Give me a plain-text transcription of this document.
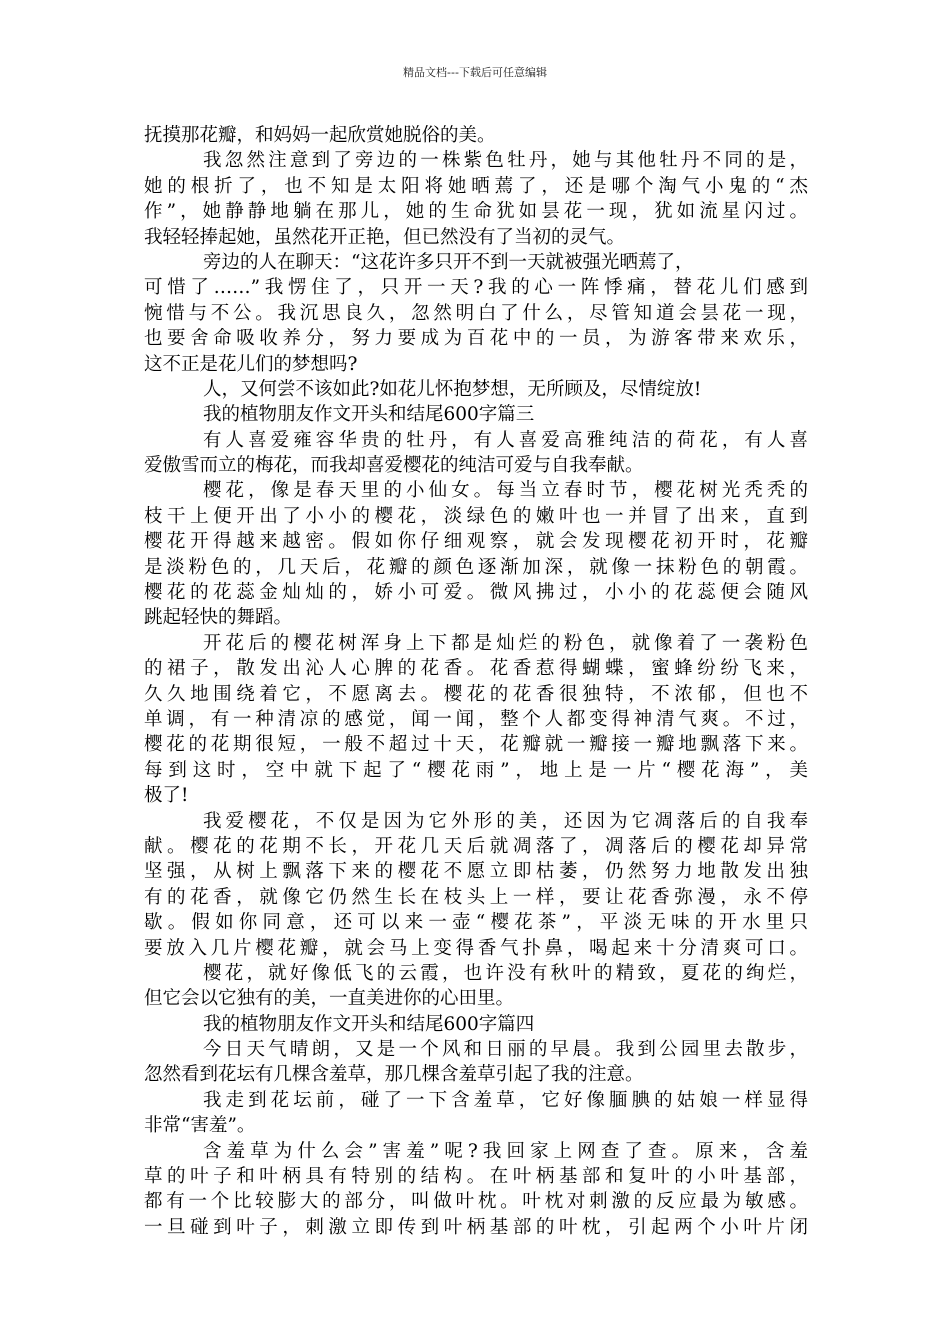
精品文档---下载后可任意编辑
抚摸那花瓣，和妈妈一起欣赏她脱俗的美。
我忽然注意到了旁边的一株紫色牡丹，她与其他牡丹不同的是，
她的根折了，也不知是太阳将她晒蔫了，还是哪个淘气小鬼的“杰
作”，她静静地躺在那儿，她的生命犹如昙花一现，犹如流星闪过。
我轻轻捧起她，虽然花开正艳，但已然没有了当初的灵气。
旁边的人在聊天：“这花许多只开不到一天就被强光晒蔫了，
可惜了……”我愣住了，只开一天?我的心一阵悸痛，替花儿们感到
惋惜与不公。我沉思良久，忽然明白了什么，尽管知道会昙花一现，
也要舍命吸收养分，努力要成为百花中的一员，为游客带来欢乐，
这不正是花儿们的梦想吗?
人，又何尝不该如此?如花儿怀抱梦想，无所顾及，尽情绽放!
我的植物朋友作文开头和结尾600字篇三
有人喜爱雍容华贵的牡丹，有人喜爱高雅纯洁的荷花，有人喜
爱傲雪而立的梅花，而我却喜爱樱花的纯洁可爱与自我奉献。
樱花，像是春天里的小仙女。每当立春时节，樱花树光秃秃的
枝干上便开出了小小的樱花，淡绿色的嫩叶也一并冒了出来，直到
樱花开得越来越密。假如你仔细观察，就会发现樱花初开时，花瓣
是淡粉色的，几天后，花瓣的颜色逐渐加深，就像一抹粉色的朝霞。
樱花的花蕊金灿灿的，娇小可爱。微风拂过，小小的花蕊便会随风
跳起轻快的舞蹈。
开花后的樱花树浑身上下都是灿烂的粉色，就像着了一袭粉色
的裙子，散发出沁人心脾的花香。花香惹得蝴蝶，蜜蜂纷纷飞来，
久久地围绕着它，不愿离去。樱花的花香很独特，不浓郁，但也不
单调，有一种清凉的感觉，闻一闻，整个人都变得神清气爽。不过，
樱花的花期很短，一般不超过十天，花瓣就一瓣接一瓣地飘落下来。
每到这时，空中就下起了“樱花雨”，地上是一片“樱花海”，美
极了!
我爱樱花，不仅是因为它外形的美，还因为它凋落后的自我奉
献。樱花的花期不长，开花几天后就凋落了，凋落后的樱花却异常
坚强，从树上飘落下来的樱花不愿立即枯萎，仍然努力地散发出独
有的花香，就像它仍然生长在枝头上一样，要让花香弥漫，永不停
歇。假如你同意，还可以来一壶“樱花茶”，平淡无味的开水里只
要放入几片樱花瓣，就会马上变得香气扑鼻，喝起来十分清爽可口。
樱花，就好像低飞的云霞，也许没有秋叶的精致，夏花的绚烂，
但它会以它独有的美，一直美进你的心田里。
我的植物朋友作文开头和结尾600字篇四
今日天气晴朗，又是一个风和日丽的早晨。我到公园里去散步，
忽然看到花坛有几棵含羞草，那几棵含羞草引起了我的注意。
我走到花坛前，碰了一下含羞草，它好像腼腆的姑娘一样显得
非常“害羞”。
含羞草为什么会”害羞”呢?我回家上网查了查。原来，含羞
草的叶子和叶柄具有特别的结构。在叶柄基部和复叶的小叶基部，
都有一个比较膨大的部分，叫做叶枕。叶枕对刺激的反应最为敏感。
一旦碰到叶子，刺激立即传到叶柄基部的叶枕，引起两个小叶片闭
